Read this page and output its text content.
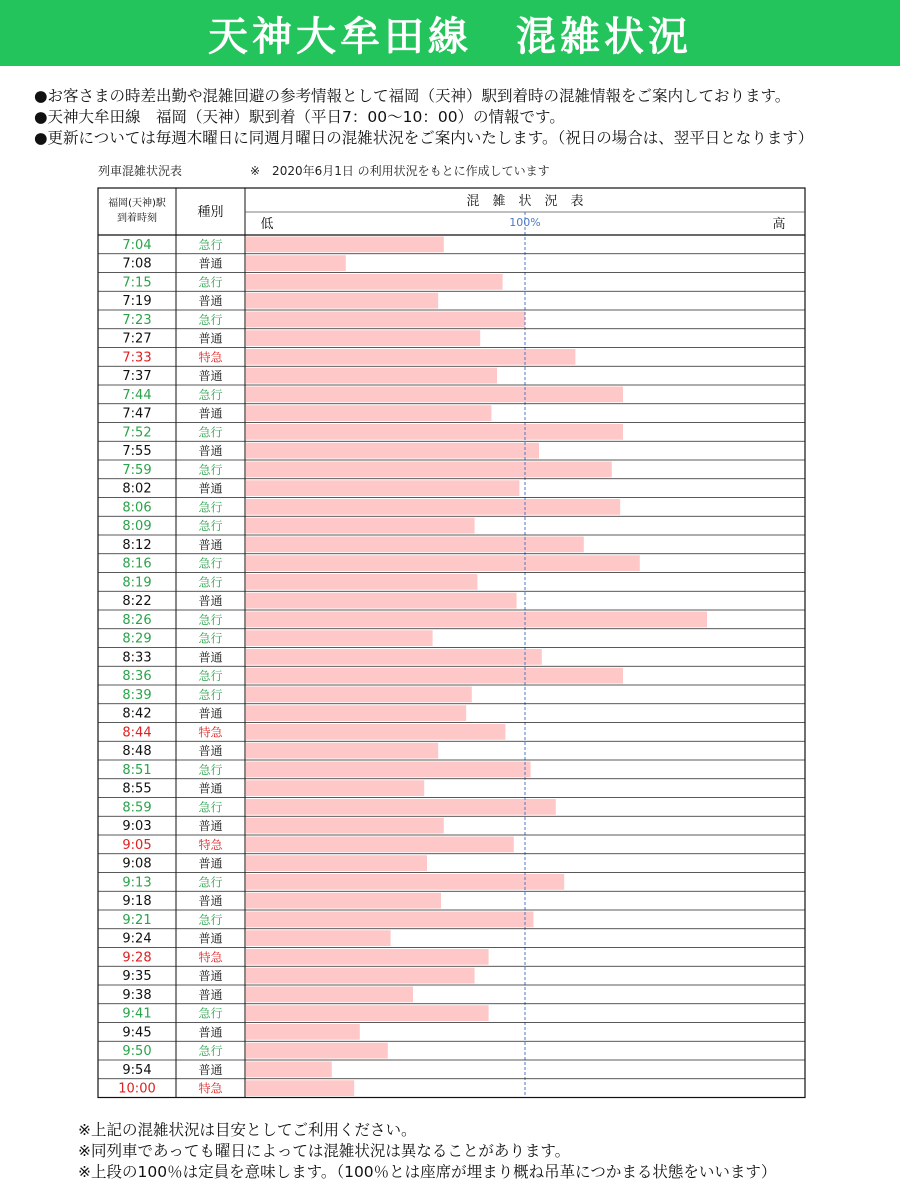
天神大牟田線　混雑状況
●お客さまの時差出勤や混雑回避の参考情報として福岡（天神）駅到着時の混雑情報をご案内しております。
●天神大牟田線　福岡（天神）駅到着（平日7：00～10：00）の情報です。
●更新については毎週木曜日に同週月曜日の混雑状況をご案内いたします。（祝日の場合は、翌平日となります）
列車混雑状況表	※　2020年6月1日 の利用状況をもとに作成しています
福岡(天神)駅
到着時刻	種別
混　雑　状　況　表
100%
低	高
7:04	急行
7:08	普通
7:15	急行
7:19	普通
7:23	急行
7:27	普通
7:33	特急
7:37	普通
7:44	急行
7:47	普通
7:52	急行
7:55	普通
7:59	急行
8:02	普通
8:06	急行
8:09	急行
8:12	普通
8:16	急行
8:19	急行
8:22	普通
8:26	急行
8:29	急行
8:33	普通
8:36	急行
8:39	急行
8:42	普通
8:44	特急
8:48	普通
8:51	急行
8:55	普通
8:59	急行
9:03	普通
9:05	特急
9:08	普通
9:13	急行
9:18	普通
9:21	急行
9:24	普通
9:28	特急
9:35	普通
9:38	普通
9:41	急行
9:45	普通
9:50	急行
9:54	普通
10:00	特急
※上記の混雑状況は目安としてご利用ください。
※同列車であっても曜日によっては混雑状況は異なることがあります。
※上段の100％は定員を意味します。（100％とは座席が埋まり概ね吊革につかまる状態をいいます）
